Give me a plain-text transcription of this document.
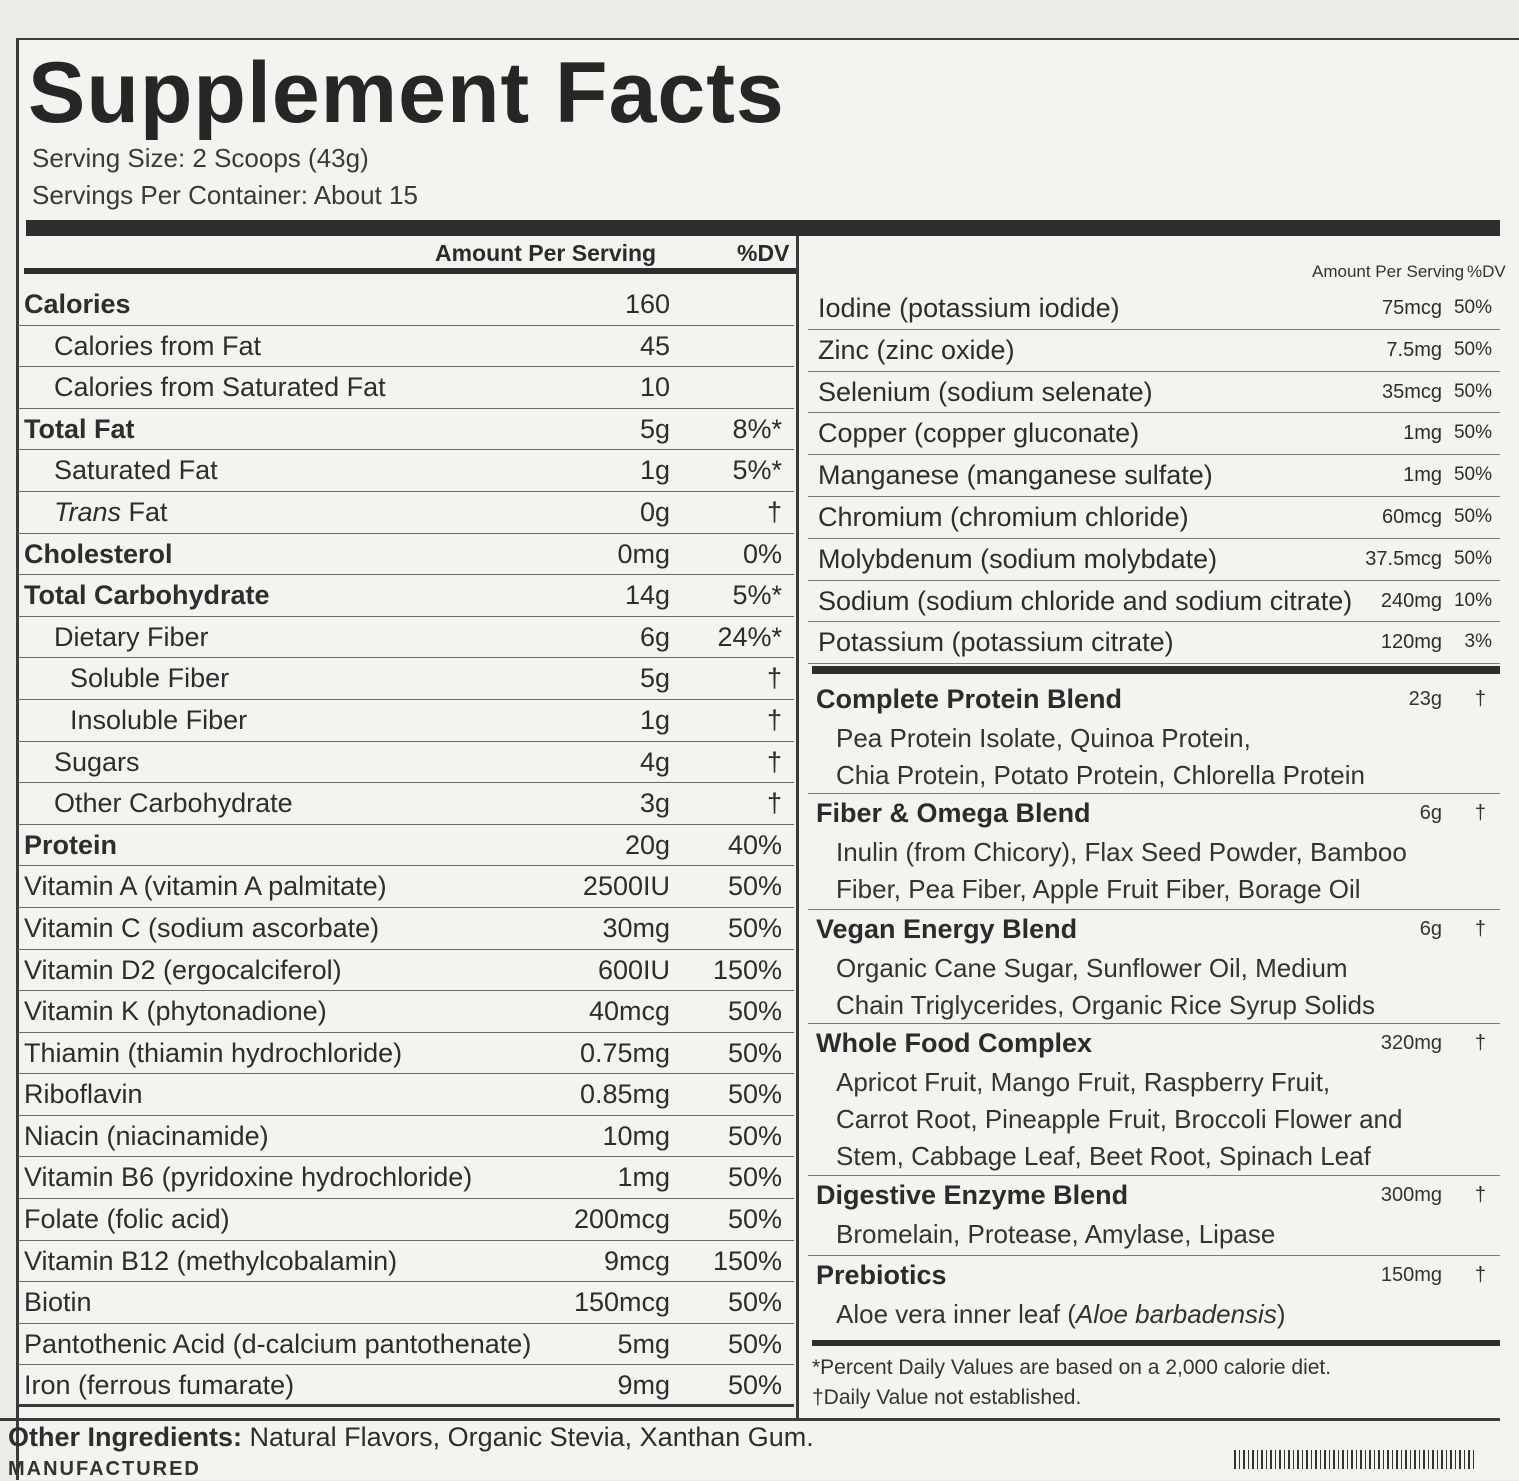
Supplement Facts
Serving Size: 2 Scoops (43g)
Servings Per Container: About 15
Amount Per Serving	%DV
Amount Per Serving %DV
Calories	160
Calories from Fat	45
Calories from Saturated Fat	10
Total Fat	5g 8%*
Saturated Fat	1g 5%*
Trans Fat	0g	†
Cholesterol	0mg	0%
Total Carbohydrate	14g 5%*
Dietary Fiber	6g 24%*
Soluble Fiber	5g	†
Insoluble Fiber	1g	†
Sugars	4g	†
Other Carbohydrate	3g	†
Protein	20g 40%
Vitamin A (vitamin A palmitate)	2500IU 50%
Vitamin C (sodium ascorbate)	30mg 50%
Vitamin D2 (ergocalciferol)	600IU 150%
Vitamin K (phytonadione)	40mcg 50%
Thiamin (thiamin hydrochloride)	0.75mg 50%
Riboflavin	0.85mg 50%
Niacin (niacinamide)	10mg 50%
Vitamin B6 (pyridoxine hydrochloride)	1mg 50%
Folate (folic acid)	200mcg 50%
Vitamin B12 (methylcobalamin)	9mcg 150%
Biotin	150mcg 50%
Pantothenic Acid (d-calcium pantothenate)	5mg 50%
Iron (ferrous fumarate)	9mg 50%
Iodine (potassium iodide)	75mcg 50%
Zinc (zinc oxide)	7.5mg 50%
Selenium (sodium selenate)	35mcg 50%
Copper (copper gluconate)	1mg 50%
Manganese (manganese sulfate)	1mg 50%
Chromium (chromium chloride)	60mcg 50%
Molybdenum (sodium molybdate)	37.5mcg 50%
Sodium (sodium chloride and sodium citrate) 240mg 10%
Potassium (potassium citrate)	120mg 3%
Complete Protein Blend	23g †
Pea Protein Isolate, Quinoa Protein,
Chia Protein, Potato Protein, Chlorella Protein
Fiber & Omega Blend	6g †
Inulin (from Chicory), Flax Seed Powder, Bamboo
Fiber, Pea Fiber, Apple Fruit Fiber, Borage Oil
Vegan Energy Blend	6g †
Organic Cane Sugar, Sunflower Oil, Medium
Chain Triglycerides, Organic Rice Syrup Solids
Whole Food Complex	320mg †
Apricot Fruit, Mango Fruit, Raspberry Fruit,
Carrot Root, Pineapple Fruit, Broccoli Flower and
Stem, Cabbage Leaf, Beet Root, Spinach Leaf
Digestive Enzyme Blend	300mg †
Bromelain, Protease, Amylase, Lipase
Prebiotics	150mg †
Aloe vera inner leaf (Aloe barbadensis)
*Percent Daily Values are based on a 2,000 calorie diet.
†Daily Value not established.
Other Ingredients: Natural Flavors, Organic Stevia, Xanthan Gum.
MANUFACTURED
